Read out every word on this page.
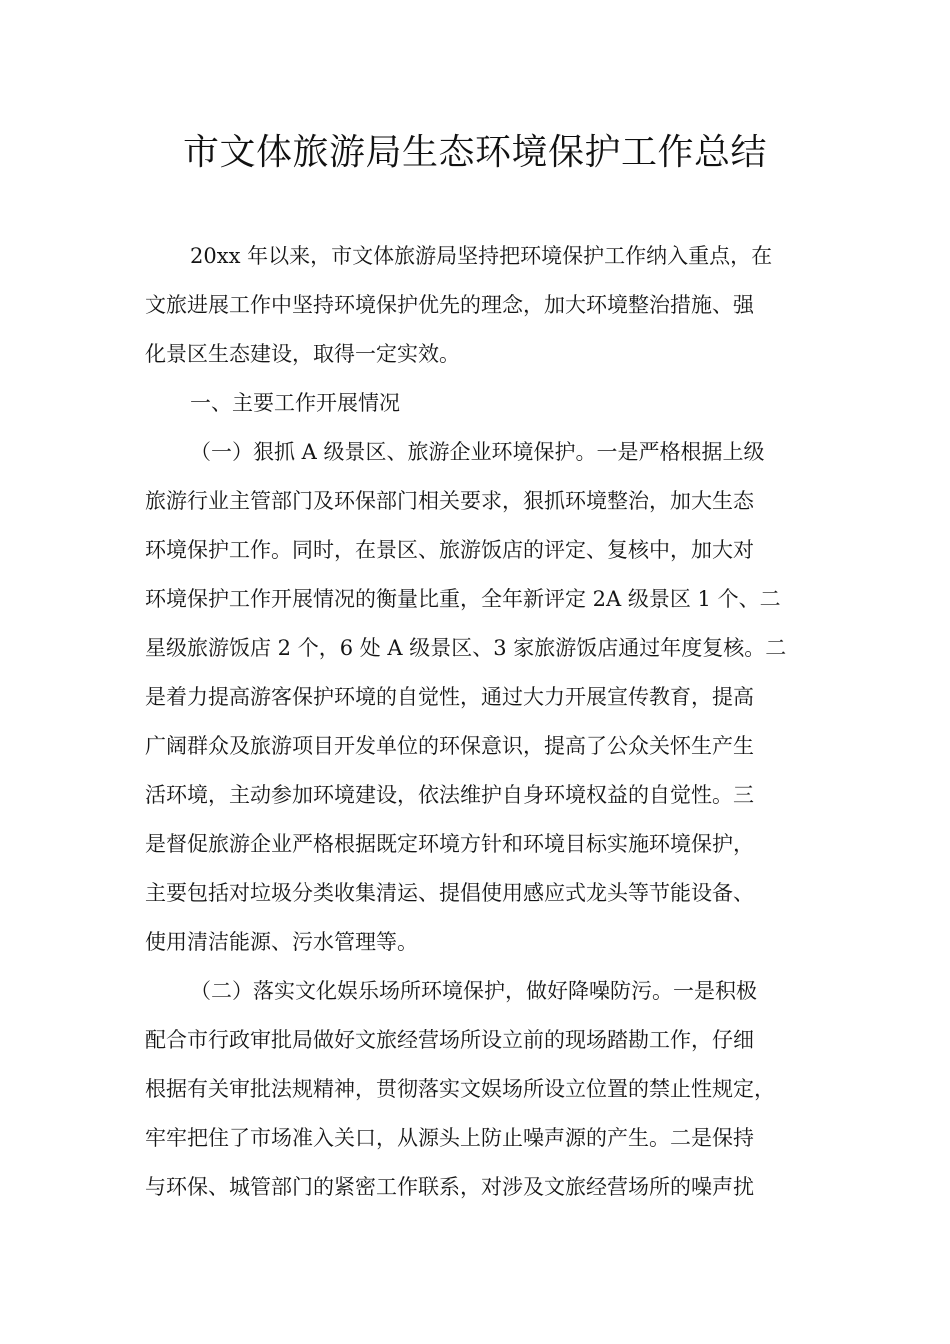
市文体旅游局生态环境保护工作总结

20xx 年以来，市文体旅游局坚持把环境保护工作纳入重点，在
文旅进展工作中坚持环境保护优先的理念，加大环境整治措施、强
化景区生态建设，取得一定实效。

一、主要工作开展情况

（一）狠抓 A 级景区、旅游企业环境保护。一是严格根据上级
旅游行业主管部门及环保部门相关要求，狠抓环境整治，加大生态
环境保护工作。同时，在景区、旅游饭店的评定、复核中，加大对
环境保护工作开展情况的衡量比重，全年新评定 2A 级景区 1 个、二
星级旅游饭店 2 个，6 处 A 级景区、3 家旅游饭店通过年度复核。二
是着力提高游客保护环境的自觉性，通过大力开展宣传教育，提高
广阔群众及旅游项目开发单位的环保意识，提高了公众关怀生产生
活环境，主动参加环境建设，依法维护自身环境权益的自觉性。三
是督促旅游企业严格根据既定环境方针和环境目标实施环境保护，
主要包括对垃圾分类收集清运、提倡使用感应式龙头等节能设备、
使用清洁能源、污水管理等。

（二）落实文化娱乐场所环境保护，做好降噪防污。一是积极
配合市行政审批局做好文旅经营场所设立前的现场踏勘工作，仔细
根据有关审批法规精神，贯彻落实文娱场所设立位置的禁止性规定，
牢牢把住了市场准入关口，从源头上防止噪声源的产生。二是保持
与环保、城管部门的紧密工作联系，对涉及文旅经营场所的噪声扰
